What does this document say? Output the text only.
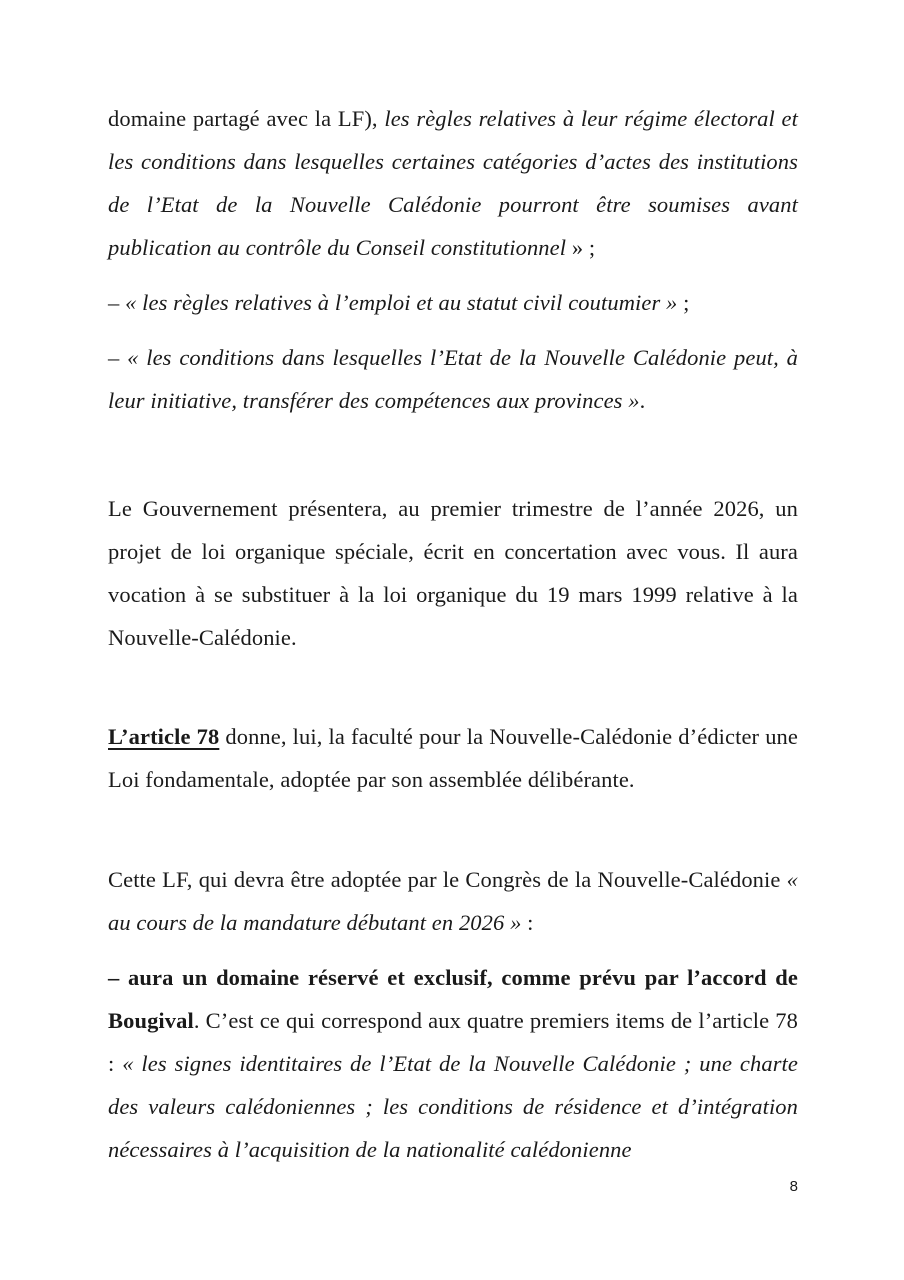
domaine partagé avec la LF), les règles relatives à leur régime électoral et les conditions dans lesquelles certaines catégories d’actes des institutions de l’Etat de la Nouvelle Calédonie pourront être soumises avant publication au contrôle du Conseil constitutionnel » ;

– « les règles relatives à l’emploi et au statut civil coutumier » ;

– « les conditions dans lesquelles l’Etat de la Nouvelle Calédonie peut, à leur initiative, transférer des compétences aux provinces ».

Le Gouvernement présentera, au premier trimestre de l’année 2026, un projet de loi organique spéciale, écrit en concertation avec vous. Il aura vocation à se substituer à la loi organique du 19 mars 1999 relative à la Nouvelle-Calédonie.

L’article 78 donne, lui, la faculté pour la Nouvelle-Calédonie d’édicter une Loi fondamentale, adoptée par son assemblée délibérante.

Cette LF, qui devra être adoptée par le Congrès de la Nouvelle-Calédonie « au cours de la mandature débutant en 2026 » :

– aura un domaine réservé et exclusif, comme prévu par l’accord de Bougival. C’est ce qui correspond aux quatre premiers items de l’article 78 : « les signes identitaires de l’Etat de la Nouvelle Calédonie ; une charte des valeurs calédoniennes ; les conditions de résidence et d’intégration nécessaires à l’acquisition de la nationalité calédonienne

8
